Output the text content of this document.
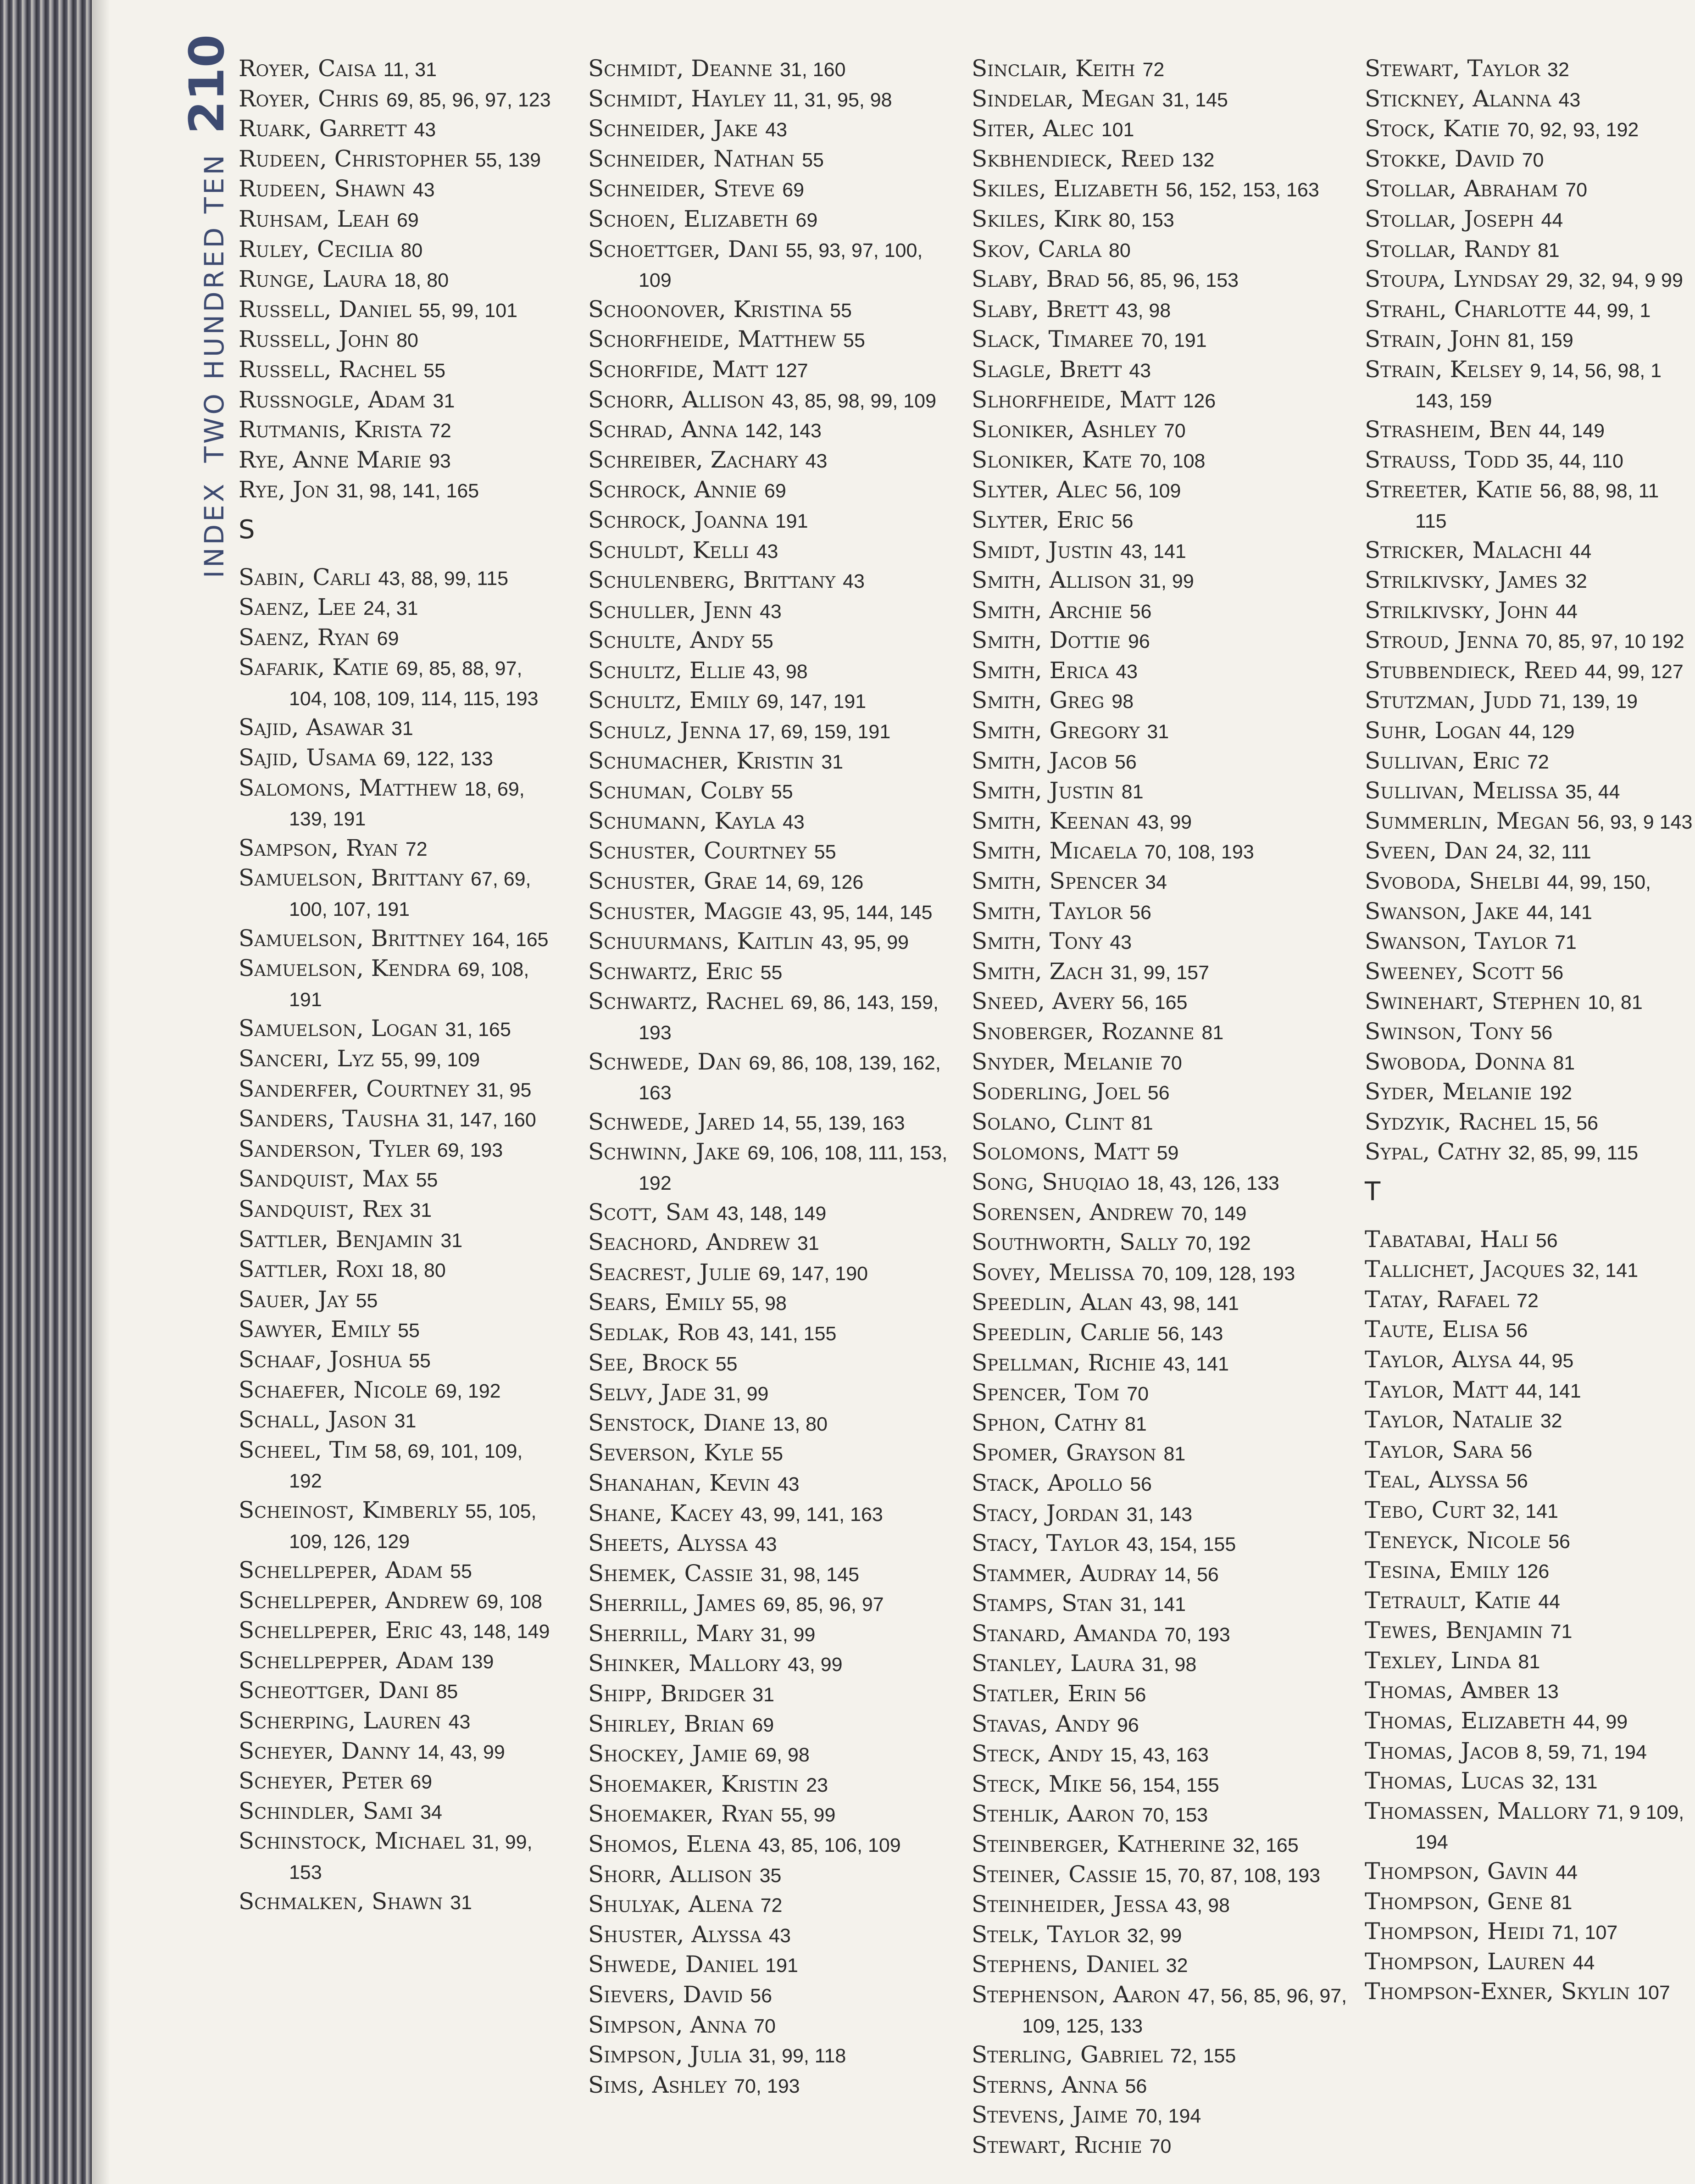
INDEX
TWO HUNDRED TEN
210 Royer, Caisa 11, 31

Royer, Chris 69, 85, 96, 97, 123

Ruark, Garrett 43

Rudeen, Christopher 55, 139

Rudeen, Shawn 43

Ruhsam, Leah 69

Ruley, Cecilia 80

Runge, Laura 18, 80

Russell, Daniel 55, 99, 101

Russell, John 80

Russell, Rachel 55

Russnogle, Adam 31

Rutmanis, Krista 72

Rye, Anne Marie 93

Rye, Jon 31, 98, 141, 165

S

Sabin, Carli 43, 88, 99, 115

Saenz, Lee 24, 31

Saenz, Ryan 69

Safarik, Katie 69, 85, 88, 97, 104, 108, 109, 114, 115, 193

Sajid, Asawar 31

Sajid, Usama 69, 122, 133

Salomons, Matthew 18, 69, 139, 191

Sampson, Ryan 72

Samuelson, Brittany 67, 69, 100, 107, 191

Samuelson, Brittney 164, 165

Samuelson, Kendra 69, 108, 191

Samuelson, Logan 31, 165

Sanceri, Lyz 55, 99, 109

Sanderfer, Courtney 31, 95

Sanders, Tausha 31, 147, 160

Sanderson, Tyler 69, 193

Sandquist, Max 55

Sandquist, Rex 31

Sattler, Benjamin 31

Sattler, Roxi 18, 80

Sauer, Jay 55

Sawyer, Emily 55

Schaaf, Joshua 55

Schaefer, Nicole 69, 192

Schall, Jason 31

Scheel, Tim 58, 69, 101, 109, 192

Scheinost, Kimberly 55, 105, 109, 126, 129

Schellpeper, Adam 55

Schellpeper, Andrew 69, 108

Schellpeper, Eric 43, 148, 149

Schellpepper, Adam 139

Scheottger, Dani 85

Scherping, Lauren 43

Scheyer, Danny 14, 43, 99

Scheyer, Peter 69

Schindler, Sami 34

Schinstock, Michael 31, 99, 153

Schmalken, Shawn 31

Schmidt, Deanne 31, 160

Schmidt, Hayley 11, 31, 95, 98

Schneider, Jake 43

Schneider, Nathan 55

Schneider, Steve 69

Schoen, Elizabeth 69

Schoettger, Dani 55, 93, 97, 100, 109

Schoonover, Kristina 55

Schorfheide, Matthew 55

Schorfide, Matt 127

Schorr, Allison 43, 85, 98, 99, 109

Schrad, Anna 142, 143

Schreiber, Zachary 43

Schrock, Annie 69

Schrock, Joanna 191

Schuldt, Kelli 43

Schulenberg, Brittany 43

Schuller, Jenn 43

Schulte, Andy 55

Schultz, Ellie 43, 98

Schultz, Emily 69, 147, 191

Schulz, Jenna 17, 69, 159, 191

Schumacher, Kristin 31

Schuman, Colby 55

Schumann, Kayla 43

Schuster, Courtney 55

Schuster, Grae 14, 69, 126

Schuster, Maggie 43, 95, 144, 145

Schuurmans, Kaitlin 43, 95, 99

Schwartz, Eric 55

Schwartz, Rachel 69, 86, 143, 159, 193

Schwede, Dan 69, 86, 108, 139, 162, 163

Schwede, Jared 14, 55, 139, 163

Schwinn, Jake 69, 106, 108, 111, 153, 192

Scott, Sam 43, 148, 149

Seachord, Andrew 31

Seacrest, Julie 69, 147, 190

Sears, Emily 55, 98

Sedlak, Rob 43, 141, 155

See, Brock 55

Selvy, Jade 31, 99

Senstock, Diane 13, 80

Severson, Kyle 55

Shanahan, Kevin 43

Shane, Kacey 43, 99, 141, 163

Sheets, Alyssa 43

Shemek, Cassie 31, 98, 145

Sherrill, James 69, 85, 96, 97

Sherrill, Mary 31, 99

Shinker, Mallory 43, 99

Shipp, Bridger 31

Shirley, Brian 69

Shockey, Jamie 69, 98

Shoemaker, Kristin 23

Shoemaker, Ryan 55, 99

Shomos, Elena 43, 85, 106, 109

Shorr, Allison 35

Shulyak, Alena 72

Shuster, Alyssa 43

Shwede, Daniel 191

Sievers, David 56

Simpson, Anna 70

Simpson, Julia 31, 99, 118

Sims, Ashley 70, 193

Sinclair, Keith 72

Sindelar, Megan 31, 145

Siter, Alec 101

Skbhendieck, Reed 132

Skiles, Elizabeth 56, 152, 153, 163

Skiles, Kirk 80, 153

Skov, Carla 80

Slaby, Brad 56, 85, 96, 153

Slaby, Brett 43, 98

Slack, Timaree 70, 191

Slagle, Brett 43

Slhorfheide, Matt 126

Sloniker, Ashley 70

Sloniker, Kate 70, 108

Slyter, Alec 56, 109

Slyter, Eric 56

Smidt, Justin 43, 141

Smith, Allison 31, 99

Smith, Archie 56

Smith, Dottie 96

Smith, Erica 43

Smith, Greg 98

Smith, Gregory 31

Smith, Jacob 56

Smith, Justin 81

Smith, Keenan 43, 99

Smith, Micaela 70, 108, 193

Smith, Spencer 34

Smith, Taylor 56

Smith, Tony 43

Smith, Zach 31, 99, 157

Sneed, Avery 56, 165

Snoberger, Rozanne 81

Snyder, Melanie 70

Soderling, Joel 56

Solano, Clint 81

Solomons, Matt 59

Song, Shuqiao 18, 43, 126, 133

Sorensen, Andrew 70, 149

Southworth, Sally 70, 192

Sovey, Melissa 70, 109, 128, 193

Speedlin, Alan 43, 98, 141

Speedlin, Carlie 56, 143

Spellman, Richie 43, 141

Spencer, Tom 70

Sphon, Cathy 81

Spomer, Grayson 81

Stack, Apollo 56

Stacy, Jordan 31, 143

Stacy, Taylor 43, 154, 155

Stammer, Audray 14, 56

Stamps, Stan 31, 141

Stanard, Amanda 70, 193

Stanley, Laura 31, 98

Statler, Erin 56

Stavas, Andy 96

Steck, Andy 15, 43, 163

Steck, Mike 56, 154, 155

Stehlik, Aaron 70, 153

Steinberger, Katherine 32, 165

Steiner, Cassie 15, 70, 87, 108, 193

Steinheider, Jessa 43, 98

Stelk, Taylor 32, 99

Stephens, Daniel 32

Stephenson, Aaron 47, 56, 85, 96, 97, 109, 125, 133

Sterling, Gabriel 72, 155

Sterns, Anna 56

Stevens, Jaime 70, 194

Stewart, Richie 70

Stewart, Taylor 32

Stickney, Alanna 43

Stock, Katie 70, 92, 93, 192

Stokke, David 70

Stollar, Abraham 70

Stollar, Joseph 44

Stollar, Randy 81

Stoupa, Lyndsay 29, 32, 94, 9 99

Strahl, Charlotte 44, 99, 1

Strain, John 81, 159

Strain, Kelsey 9, 14, 56, 98, 1 143, 159

Strasheim, Ben 44, 149

Strauss, Todd 35, 44, 110

Streeter, Katie 56, 88, 98, 11 115

Stricker, Malachi 44

Strilkivsky, James 32

Strilkivsky, John 44

Stroud, Jenna 70, 85, 97, 10 192

Stubbendieck, Reed 44, 99, 127

Stutzman, Judd 71, 139, 19

Suhr, Logan 44, 129

Sullivan, Eric 72

Sullivan, Melissa 35, 44

Summerlin, Megan 56, 93, 9 143

Sveen, Dan 24, 32, 111

Svoboda, Shelbi 44, 99, 150,

Swanson, Jake 44, 141

Swanson, Taylor 71

Sweeney, Scott 56

Swinehart, Stephen 10, 81

Swinson, Tony 56

Swoboda, Donna 81

Syder, Melanie 192

Sydzyik, Rachel 15, 56

Sypal, Cathy 32, 85, 99, 115

T

Tabatabai, Hali 56

Tallichet, Jacques 32, 141

Tatay, Rafael 72

Taute, Elisa 56

Taylor, Alysa 44, 95

Taylor, Matt 44, 141

Taylor, Natalie 32

Taylor, Sara 56

Teal, Alyssa 56

Tebo, Curt 32, 141

Teneyck, Nicole 56

Tesina, Emily 126

Tetrault, Katie 44

Tewes, Benjamin 71

Texley, Linda 81

Thomas, Amber 13

Thomas, Elizabeth 44, 99

Thomas, Jacob 8, 59, 71, 194

Thomas, Lucas 32, 131

Thomassen, Mallory 71, 9 109, 194

Thompson, Gavin 44

Thompson, Gene 81

Thompson, Heidi 71, 107

Thompson, Lauren 44

Thompson-Exner, Skylin 107
